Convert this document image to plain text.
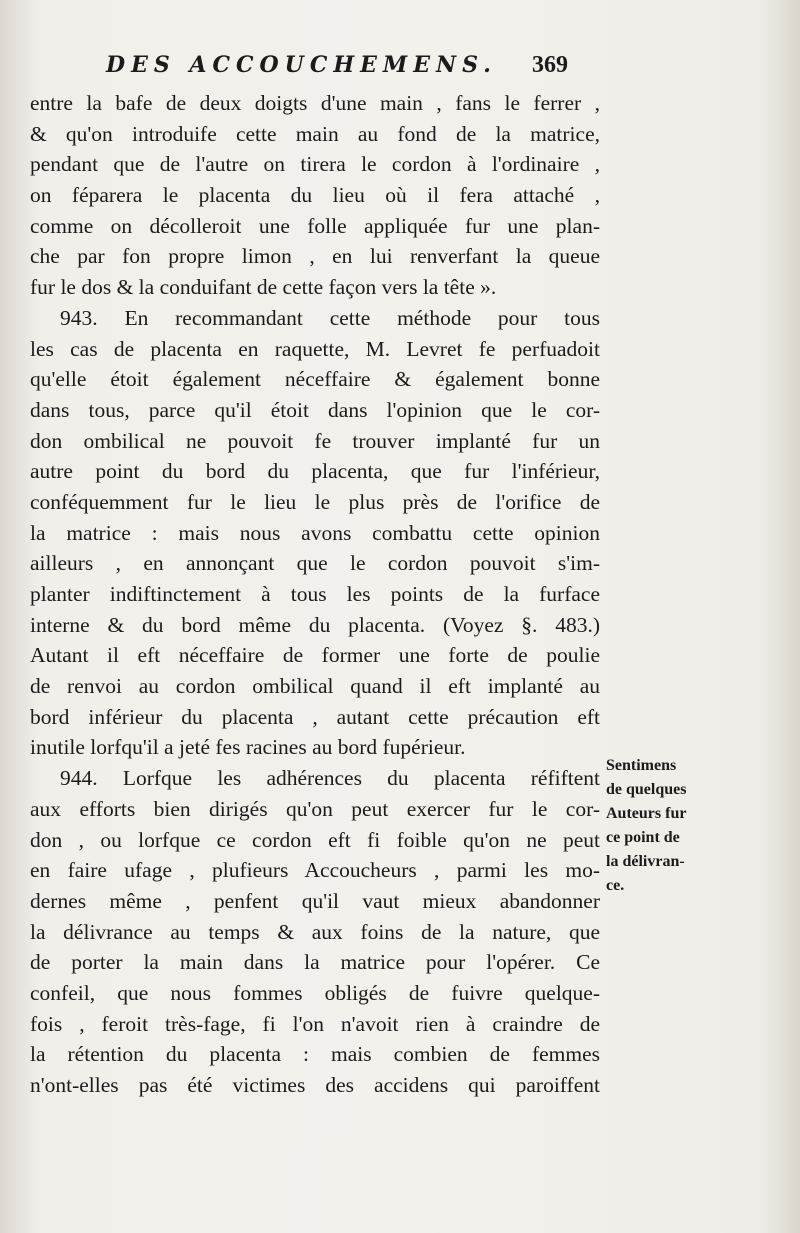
DES ACCOUCHEMENS. 369
entre la bafe de deux doigts d'une main , fans le ferrer ,
& qu'on introduife cette main au fond de la matrice,
pendant que de l'autre on tirera le cordon à l'ordinaire ,
on féparera le placenta du lieu où il fera attaché ,
comme on décolleroit une folle appliquée fur une plan-
che par fon propre limon , en lui renverfant la queue
fur le dos & la conduifant de cette façon vers la tête ».
943. En recommandant cette méthode pour tous
les cas de placenta en raquette, M. Levret fe perfuadoit
qu'elle étoit également néceffaire & également bonne
dans tous, parce qu'il étoit dans l'opinion que le cor-
don ombilical ne pouvoit fe trouver implanté fur un
autre point du bord du placenta, que fur l'inférieur,
conféquemment fur le lieu le plus près de l'orifice de
la matrice : mais nous avons combattu cette opinion
ailleurs , en annonçant que le cordon pouvoit s'im-
planter indiftinctement à tous les points de la furface
interne & du bord même du placenta. (Voyez §. 483.)
Autant il eft néceffaire de former une forte de poulie
de renvoi au cordon ombilical quand il eft implanté au
bord inférieur du placenta , autant cette précaution eft
inutile lorfqu'il a jeté fes racines au bord fupérieur.
944. Lorfque les adhérences du placenta réfiftent
aux efforts bien dirigés qu'on peut exercer fur le cor-
don , ou lorfque ce cordon eft fi foible qu'on ne peut
en faire ufage , plufieurs Accoucheurs , parmi les mo-
dernes même , penfent qu'il vaut mieux abandonner
la délivrance au temps & aux foins de la nature, que
de porter la main dans la matrice pour l'opérer. Ce
confeil, que nous fommes obligés de fuivre quelque-
fois , feroit très-fage, fi l'on n'avoit rien à craindre de
la rétention du placenta : mais combien de femmes
n'ont-elles pas été victimes des accidens qui paroiffent
Sentimens
de quelques
Auteurs fur
ce point de
la délivran-
ce.
